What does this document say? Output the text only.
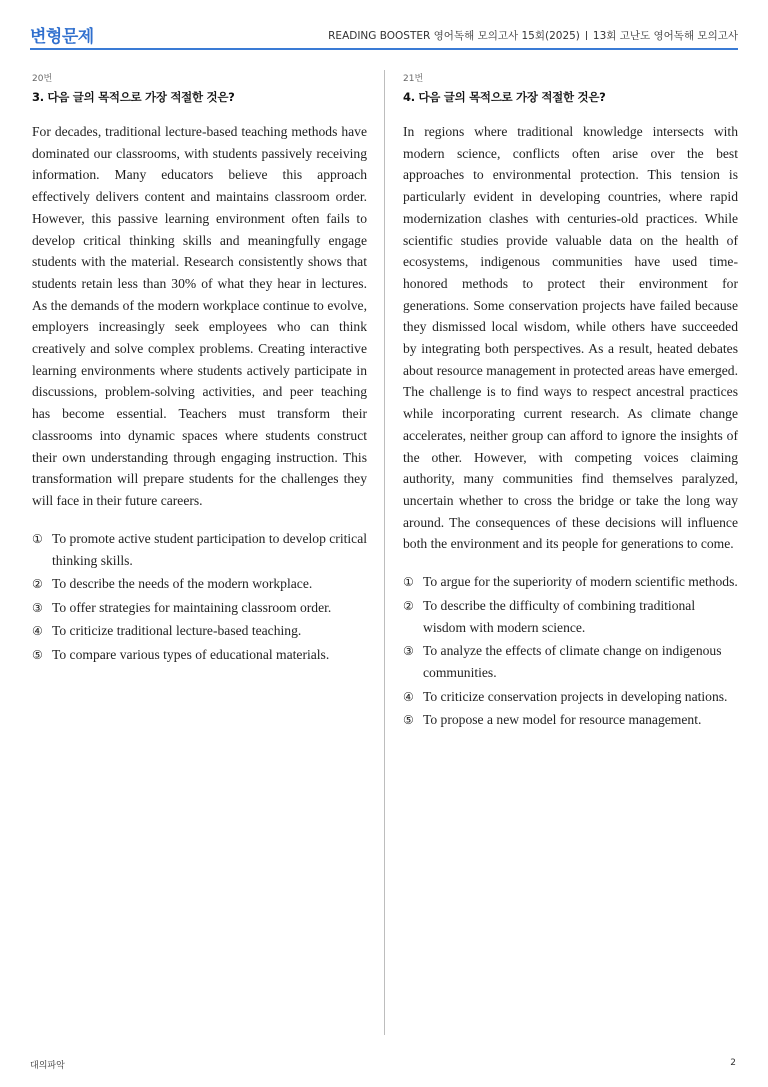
변형문제	READING BOOSTER 영어독해 모의고사 15회(2025) 13회 고난도 영어독해 모의고사
20번
3. 다음 글의 목적으로 가장 적절한 것은?

For decades, traditional lecture-based teaching methods have dominated our classrooms, with students passively receiving information. Many educators believe this approach effectively delivers content and maintains classroom order. However, this passive learning environment often fails to develop critical thinking skills and meaningfully engage students with the material. Research consistently shows that students retain less than 30% of what they hear in lectures. As the demands of the modern workplace continue to evolve, employers increasingly seek employees who can think creatively and solve complex problems. Creating interactive learning environments where students actively participate in discussions, problem-solving activities, and peer teaching has become essential. Teachers must transform their classrooms into dynamic spaces where students construct their own understanding through engaging instruction. This transformation will prepare students for the challenges they will face in their future careers.

① To promote active student participation to develop critical thinking skills.
② To describe the needs of the modern workplace.
③ To offer strategies for maintaining classroom order.
④ To criticize traditional lecture-based teaching.
⑤ To compare various types of educational materials.
21번
4. 다음 글의 목적으로 가장 적절한 것은?

In regions where traditional knowledge intersects with modern science, conflicts often arise over the best approaches to environmental protection. This tension is particularly evident in developing countries, where rapid modernization clashes with centuries-old practices. While scientific studies provide valuable data on the health of ecosystems, indigenous communities have used time-honored methods to protect their environment for generations. Some conservation projects have failed because they dismissed local wisdom, while others have succeeded by integrating both perspectives. As a result, heated debates about resource management in protected areas have emerged. The challenge is to find ways to respect ancestral practices while incorporating current research. As climate change accelerates, neither group can afford to ignore the insights of the other. However, with competing voices claiming authority, many communities find themselves paralyzed, uncertain whether to cross the bridge or take the long way around. The consequences of these decisions will influence both the environment and its people for generations to come.

① To argue for the superiority of modern scientific methods.
② To describe the difficulty of combining traditional wisdom with modern science.
③ To analyze the effects of climate change on indigenous communities.
④ To criticize conservation projects in developing nations.
⑤ To propose a new model for resource management.
대의파악	2
